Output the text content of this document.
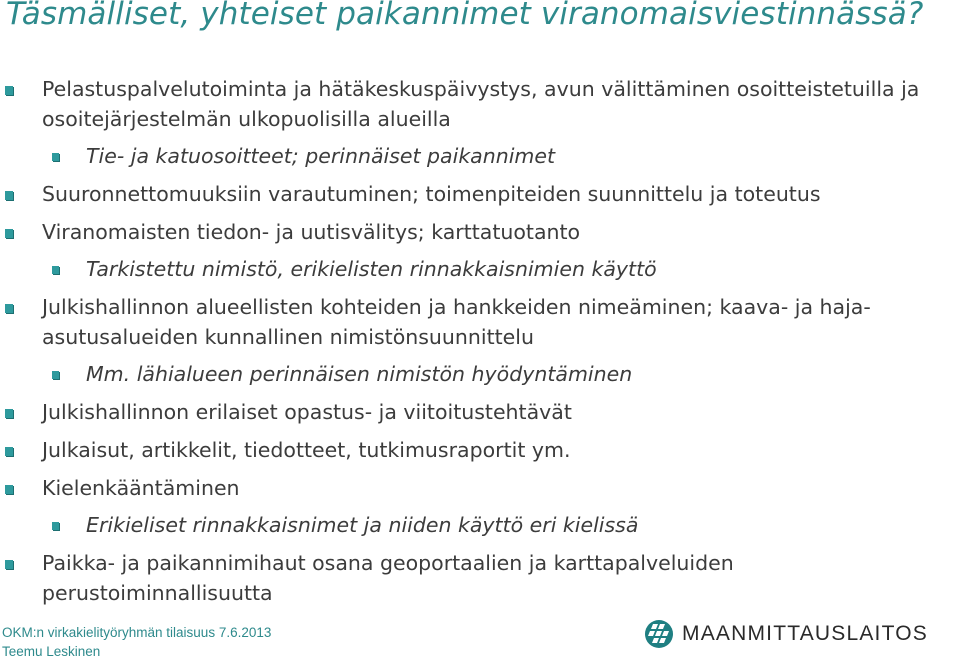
Täsmälliset, yhteiset paikannimet viranomaisviestinnässä?

Pelastuspalvelutoiminta ja hätäkeskuspäivystys, avun välittäminen osoitteistetuilla ja osoitejärjestelmän ulkopuolisilla alueilla

Tie- ja katuosoitteet; perinnäiset paikannimet

Suuronnettomuuksiin varautuminen; toimenpiteiden suunnittelu ja toteutus

Viranomaisten tiedon- ja uutisvälitys; karttatuotanto

Tarkistettu nimistö, erikielisten rinnakkaisnimien käyttö

Julkishallinnon alueellisten kohteiden ja hankkeiden nimeäminen; kaava- ja haja-asutusalueiden kunnallinen nimistönsuunnittelu

Mm. lähialueen perinnäisen nimistön hyödyntäminen

Julkishallinnon erilaiset opastus- ja viitoitustehtävät

Julkaisut, artikkelit, tiedotteet, tutkimusraportit ym.

Kielenkääntäminen

Erikieliset rinnakkaisnimet ja niiden käyttö eri kielissä

Paikka- ja paikannimihaut osana geoportaalien ja karttapalveluiden perustoiminnallisuutta

OKM:n virkakielityöryhmän tilaisuus 7.6.2013
Teemu Leskinen
MAANMITTAUSLAITOS
